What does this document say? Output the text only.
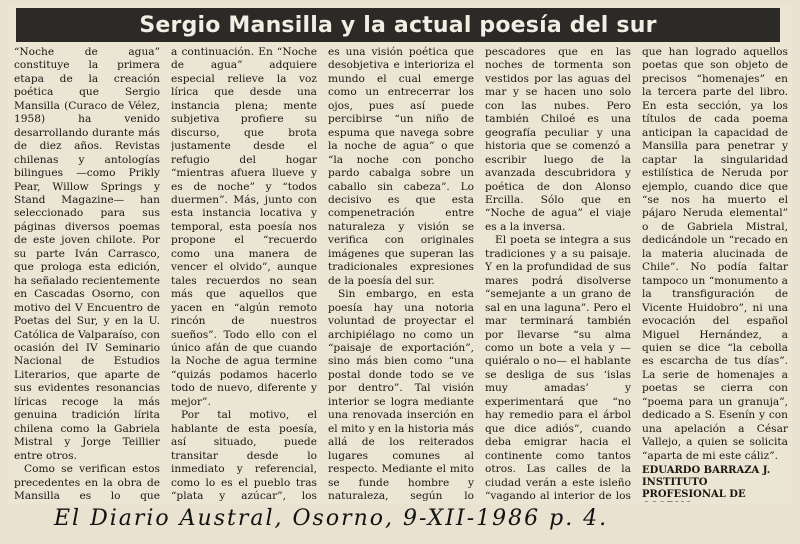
Sergio Mansilla y la actual poesía del sur

“Noche de agua” constituye la primera etapa de la creación poética que Sergio Mansilla (Curaco de Vélez, 1958) ha venido desarrollando durante más de diez años. Revistas chilenas y antologías bilingues —como Prikly Pear, Willow Springs y Stand Magazine— han seleccionado para sus páginas diversos poemas de este joven chilote. Por su parte Iván Carrasco, que prologa esta edición, ha señalado recientemente en Cascadas Osorno, con motivo del V Encuentro de Poetas del Sur, y en la U. Católica de Valparaíso, con ocasión del IV Seminario Nacional de Estudios Literarios, que aparte de sus evidentes resonancias líricas recoge la más genuina tradición lírita chilena como la Gabriela Mistral y Jorge Teillier entre otros.

Como se verifican estos precedentes en la obra de Mansilla es lo que

a continuación. En “Noche de agua” adquiere especial relieve la voz lírica que desde una instancia plena; mente subjetiva profiere su discurso, que brota justamente desde el refugio del hogar “mientras afuera llueve y es de noche” y “todos duermen”. Más, junto con esta instancia locativa y temporal, esta poesía nos propone el “recuerdo como una manera de vencer el olvido”, aunque tales recuerdos no sean más que aquellos que yacen en “algún remoto rincón de nuestros sueños”. Todo ello con el único afán de que cuando la Noche de agua termine “quizás podamos hacerlo todo de nuevo, diferente y mejor”.

Por tal motivo, el hablante de esta poesía, así situado, puede transitar desde lo inmediato y referencial, como lo es el pueblo tras “plata y azúcar”, los

es una visión poética que desobjetiva e interioriza el mundo el cual emerge como un entrecerrar los ojos, pues así puede percibirse “un niño de espuma que navega sobre la noche de agua” o que “la noche con poncho pardo cabalga sobre un caballo sin cabeza”. Lo decisivo es que esta compenetración entre naturaleza y visión se verifica con originales imágenes que superan las tradicionales expresiones de la poesía del sur.

Sin embargo, en esta poesía hay una notoria voluntad de proyectar el archipiélago no como un “paisaje de exportación”, sino más bien como “una postal donde todo se ve por dentro”. Tal visión interior se logra mediante una renovada inserción en el mito y en la historia más allá de los reiterados lugares comunes al respecto. Mediante el mito se funde hombre y naturaleza, según lo

pescadores que en las noches de tormenta son vestidos por las aguas del mar y se hacen uno solo con las nubes. Pero también Chiloé es una geografía peculiar y una historia que se comenzó a escribir luego de la avanzada descubridora y poética de don Alonso Ercilla. Sólo que en “Noche de agua” el viaje es a la inversa.

El poeta se integra a sus tradiciones y a su paisaje. Y en la profundidad de sus mares podrá disolverse “semejante a un grano de sal en una laguna”. Pero el mar terminará también por llevarse “su alma como un bote a vela y —quiéralo o no— el hablante se desliga de sus ‘islas muy amadas’ y experimentará que “no hay remedio para el árbol que dice adiós”, cuando deba emigrar hacia el continente como tantos otros. Las calles de la ciudad verán a este isleño “vagando al interior de los

que han logrado aquellos poetas que son objeto de precisos “homenajes” en la tercera parte del libro. En esta sección, ya los títulos de cada poema anticipan la capacidad de Mansilla para penetrar y captar la singularidad estilística de Neruda por ejemplo, cuando dice que “se nos ha muerto el pájaro Neruda elemental” o de Gabriela Mistral, dedicándole un “recado en la materia alucinada de Chile”. No podía faltar tampoco un “monumento a la transfiguración de Vicente Huidobro”, ni una evocación del español Miguel Hernández, a quien se dice “la cebolla es escarcha de tus días”. La serie de homenajes a poetas se cierra con “poema para un granuja”, dedicado a S. Esenín y con una apelación a César Vallejo, a quien se solicita “aparta de mi este cáliz”.

EDUARDO BARRAZA J.
INSTITUTO PROFESIONAL DE
El Diario Austral, Osorno, 9-XII-1986 p. 4.
